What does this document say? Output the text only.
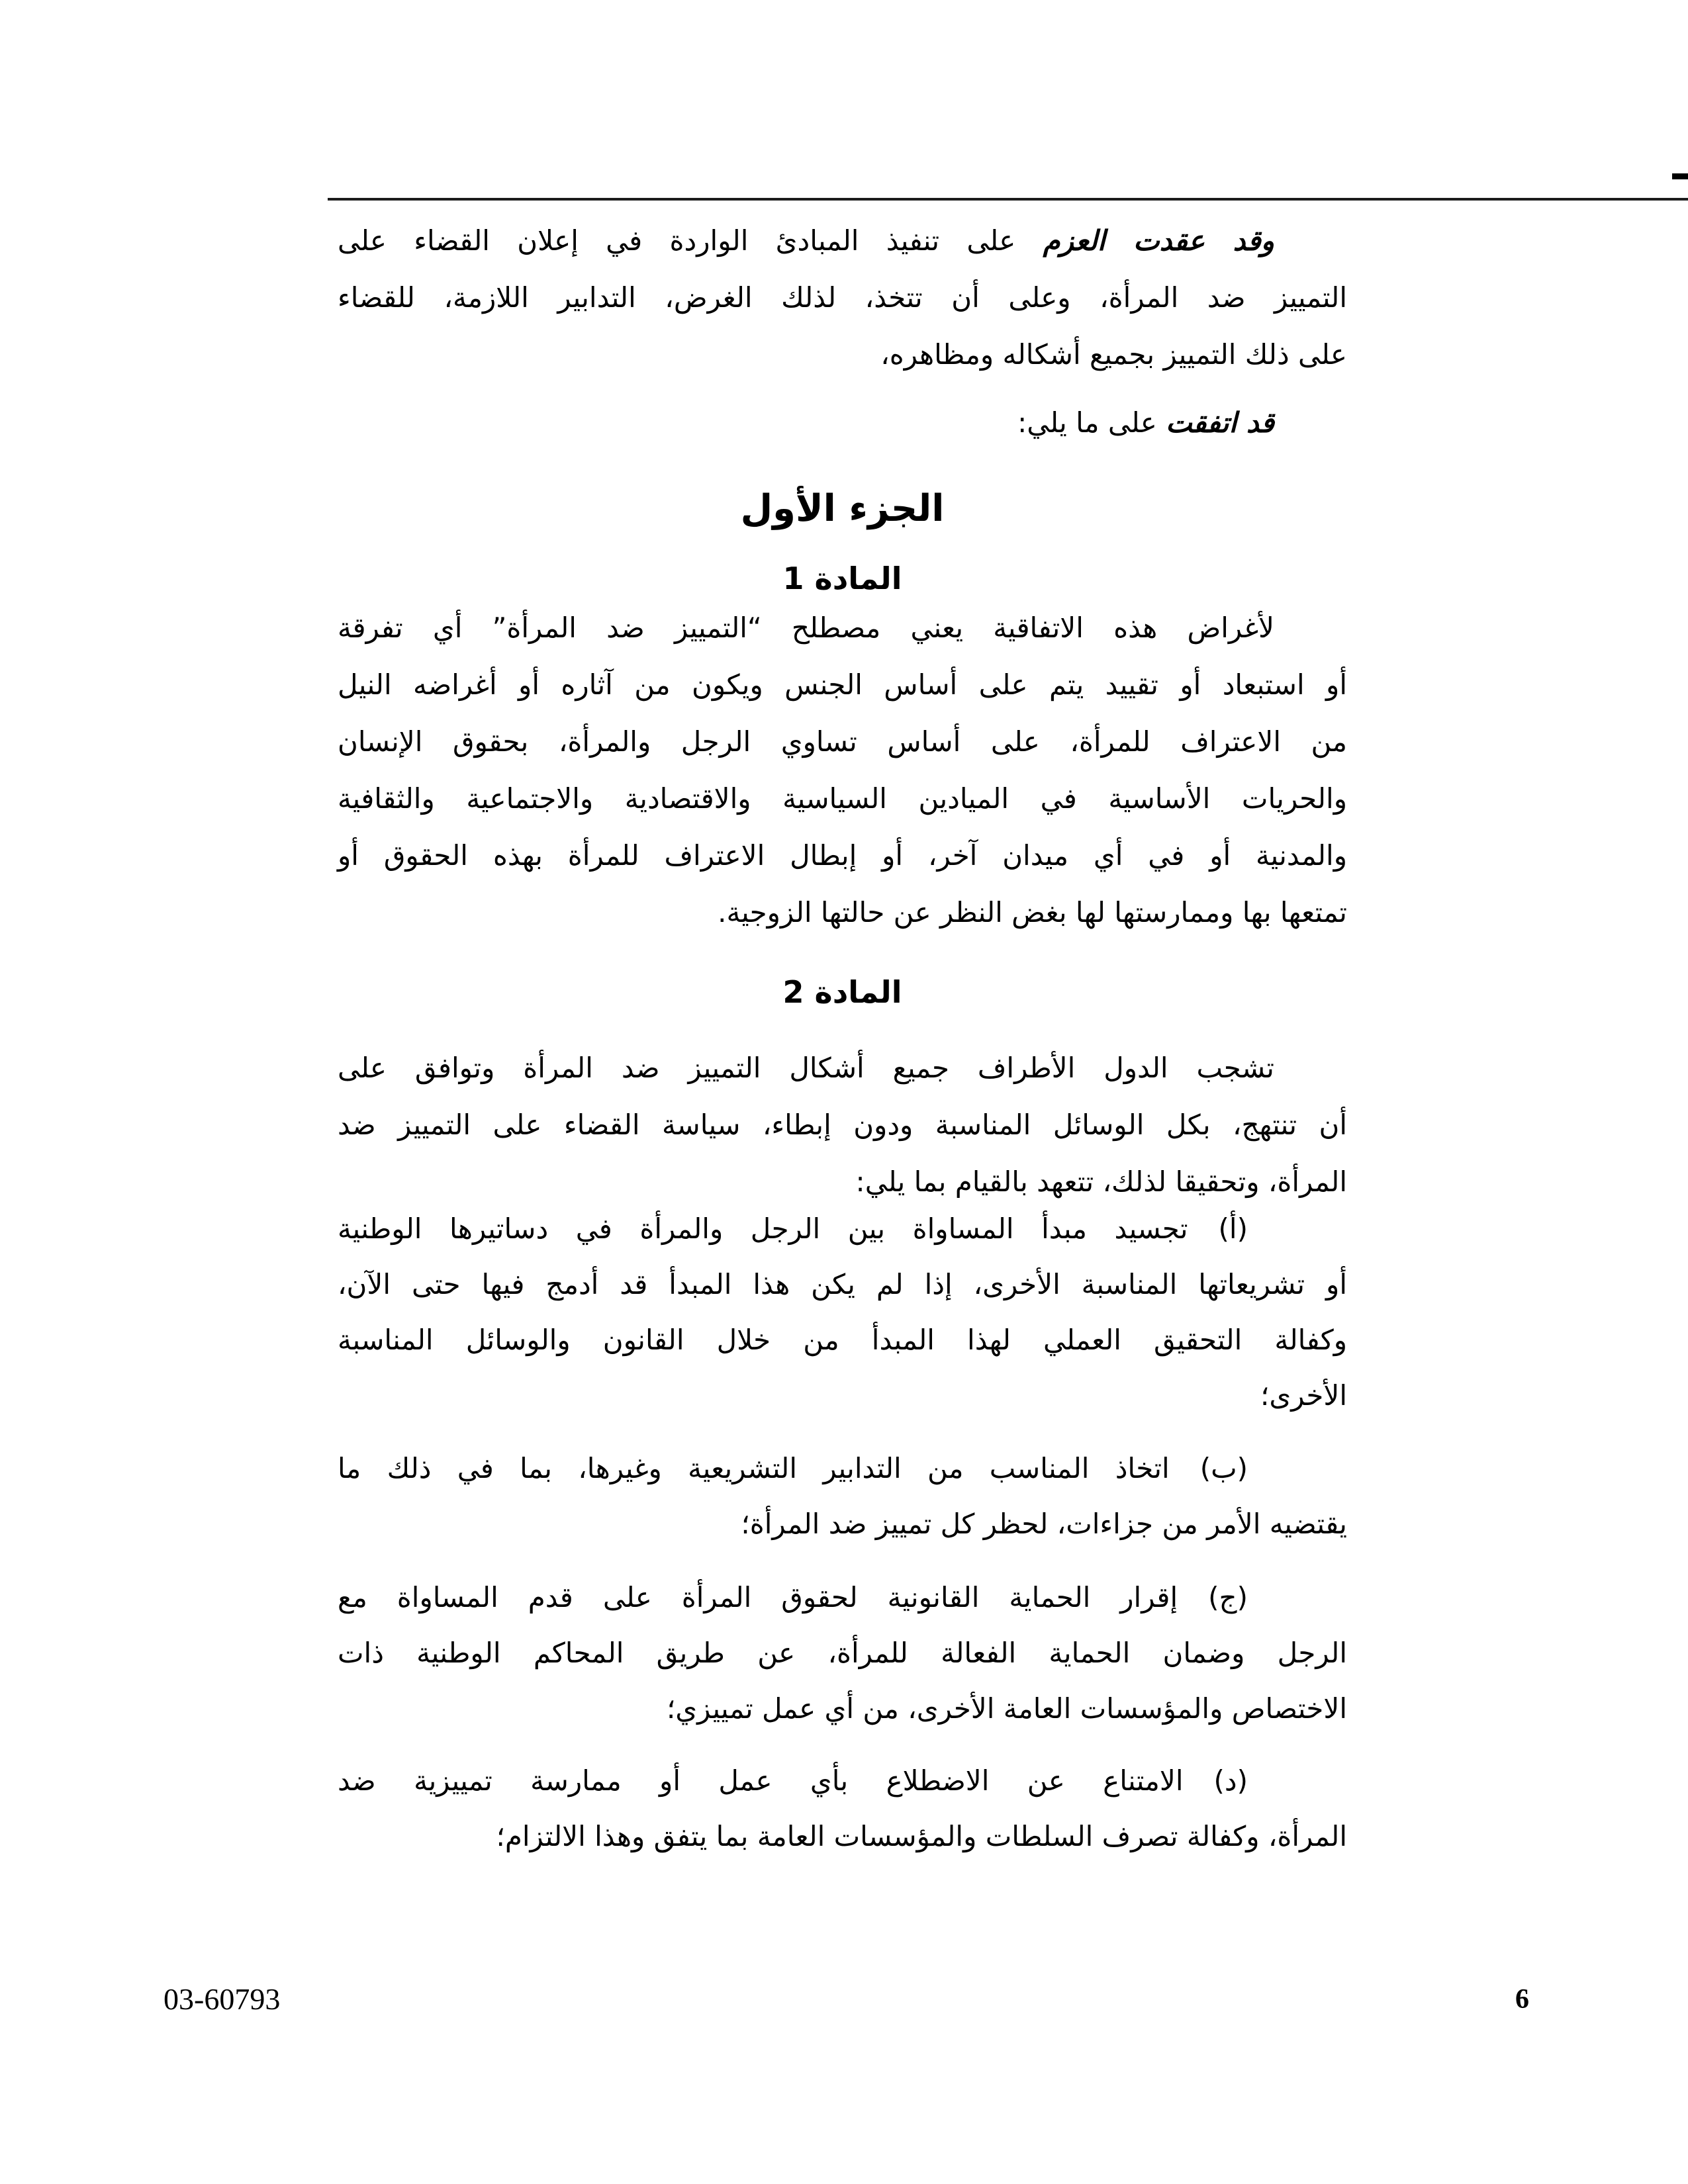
وقد عقدت العزم على تنفيذ المبادئ الواردة في إعلان القضاء على
التمييز ضد المرأة، وعلى أن تتخذ، لذلك الغرض، التدابير اللازمة، للقضاء
على ذلك التمييز بجميع أشكاله ومظاهره،
قد اتفقت على ما يلي:
الجزء الأول
المادة 1
لأغراض هذه الاتفاقية يعني مصطلح “التمييز ضد المرأة” أي تفرقة
أو استبعاد أو تقييد يتم على أساس الجنس ويكون من آثاره أو أغراضه النيل
من الاعتراف للمرأة، على أساس تساوي الرجل والمرأة، بحقوق الإنسان
والحريات الأساسية في الميادين السياسية والاقتصادية والاجتماعية والثقافية
والمدنية أو في أي ميدان آخر، أو إبطال الاعتراف للمرأة بهذه الحقوق أو
تمتعها بها وممارستها لها بغض النظر عن حالتها الزوجية.
المادة 2
تشجب الدول الأطراف جميع أشكال التمييز ضد المرأة وتوافق على
أن تنتهج، بكل الوسائل المناسبة ودون إبطاء، سياسة القضاء على التمييز ضد
المرأة، وتحقيقا لذلك، تتعهد بالقيام بما يلي:
(أ)تجسيد مبدأ المساواة بين الرجل والمرأة في دساتيرها الوطنية
أو تشريعاتها المناسبة الأخرى، إذا لم يكن هذا المبدأ قد أدمج فيها حتى الآن،
وكفالة التحقيق العملي لهذا المبدأ من خلال القانون والوسائل المناسبة
الأخرى؛
(ب)اتخاذ المناسب من التدابير التشريعية وغيرها، بما في ذلك ما
يقتضيه الأمر من جزاءات، لحظر كل تمييز ضد المرأة؛
(ج)إقرار الحماية القانونية لحقوق المرأة على قدم المساواة مع
الرجل وضمان الحماية الفعالة للمرأة، عن طريق المحاكم الوطنية ذات
الاختصاص والمؤسسات العامة الأخرى، من أي عمل تمييزي؛
(د)الامتناع عن الاضطلاع بأي عمل أو ممارسة تمييزية ضد
المرأة، وكفالة تصرف السلطات والمؤسسات العامة بما يتفق وهذا الالتزام؛
03-60793	6
